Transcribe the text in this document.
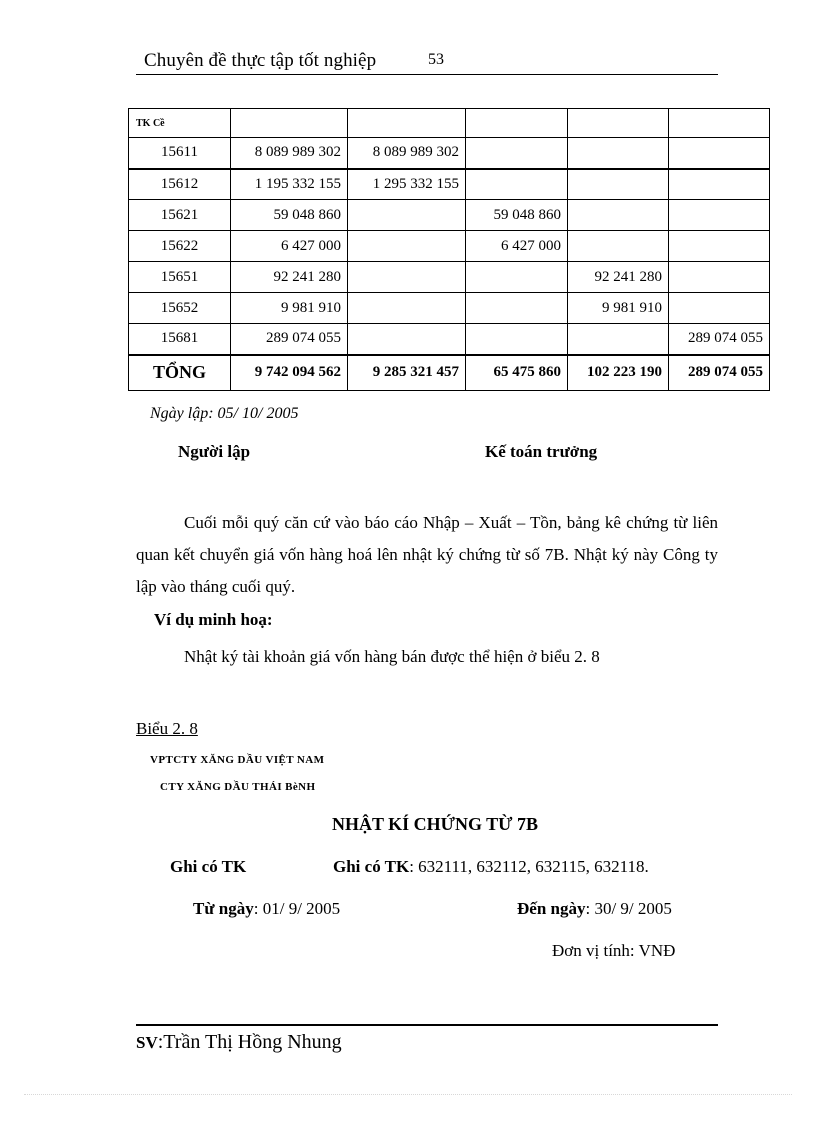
Chuyên đề thực tập tốt nghiệp	53
TK Cề					
15611	8 089 989 302	8 089 989 302			
15612	1 195 332 155	1 295 332 155			
15621	59 048 860		59 048 860		
15622	6 427 000		6 427 000		
15651	92 241 280			92 241 280	
15652	9 981 910			9 981 910	
15681	289 074 055				289 074 055
TỔNG	9 742 094 562	9 285 321 457	65 475 860	102 223 190	289 074 055
Ngày lập: 05/ 10/ 2005
Người lập	Kế toán trưởng
Cuối mỗi quý căn cứ vào báo cáo Nhập – Xuất – Tồn, bảng kê chứng từ liên quan kết chuyển giá vốn hàng hoá lên nhật ký chứng từ số 7B. Nhật ký này Công ty lập vào tháng cuối quý.
Ví dụ minh hoạ:
Nhật ký tài khoản giá vốn hàng bán được thể hiện ở biểu 2. 8
Biểu 2. 8
VPTCTY XĂNG DẦU VIỆT NAM
CTY XĂNG DẦU THÁI BèNH
NHẬT KÍ CHỨNG TỪ 7B
Ghi có TK	Ghi có TK: 632111, 632112, 632115, 632118.
Từ ngày: 01/ 9/ 2005	Đến ngày: 30/ 9/ 2005
Đơn vị tính: VNĐ
SV:Trần Thị Hồng Nhung
